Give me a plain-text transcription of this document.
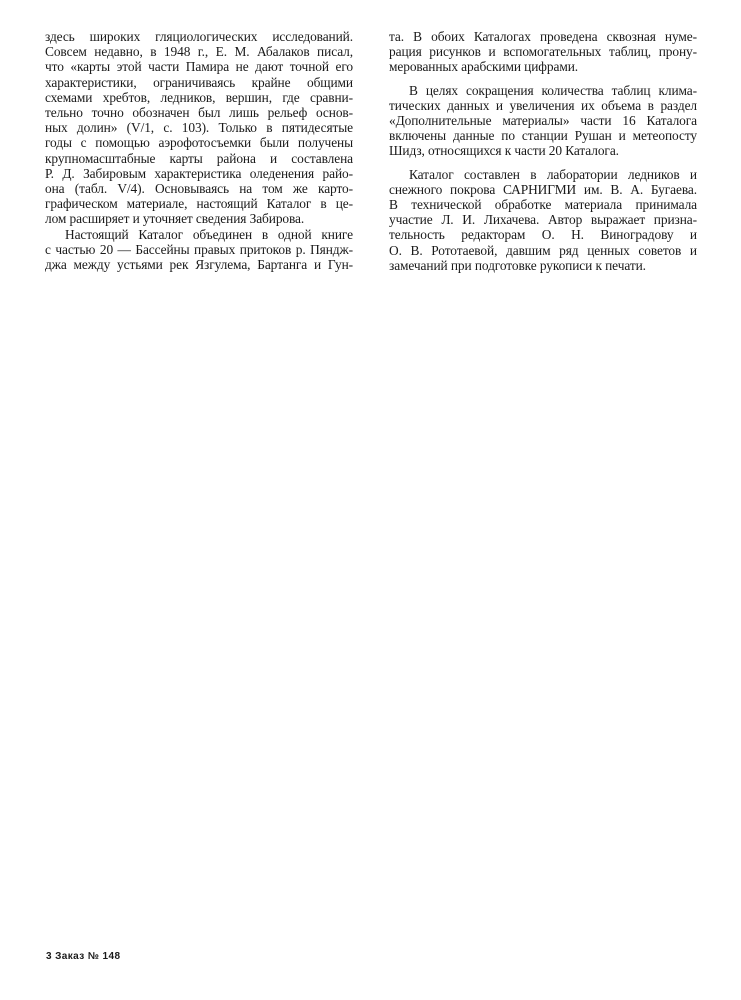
здесь широких гляциологических исследований.
Совсем недавно, в 1948 г., Е. М. Абалаков писал,
что «карты этой части Памира не дают точной его
характеристики, ограничиваясь крайне общими
схемами хребтов, ледников, вершин, где сравни-
тельно точно обозначен был лишь рельеф основ-
ных долин» (V/1, с. 103). Только в пятидесятые
годы с помощью аэрофотосъемки были получены
крупномасштабные карты района и составлена
Р. Д. Забировым характеристика оледенения райо-
она (табл. V/4). Основываясь на том же карто-
графическом материале, настоящий Каталог в це-
лом расширяет и уточняет сведения Забирова.
Настоящий Каталог объединен в одной книге
с частью 20 — Бассейны правых притоков р. Пяндж-
джа между устьями рек Язгулема, Бартанга и Гун-
та. В обоих Каталогах проведена сквозная нуме-
рация рисунков и вспомогательных таблиц, прону-
мерованных арабскими цифрами.
В целях сокращения количества таблиц клима-
тических данных и увеличения их объема в раздел
«Дополнительные материалы» части 16 Каталога
включены данные по станции Рушан и метеопосту
Шидз, относящихся к части 20 Каталога.
Каталог составлен в лаборатории ледников и
снежного покрова САРНИГМИ им. В. А. Бугаева.
В технической обработке материала принимала
участие Л. И. Лихачева. Автор выражает призна-
тельность редакторам О. Н. Виноградову и
О. В. Рототаевой, давшим ряд ценных советов и
замечаний при подготовке рукописи к печати.
3 Заказ № 148
